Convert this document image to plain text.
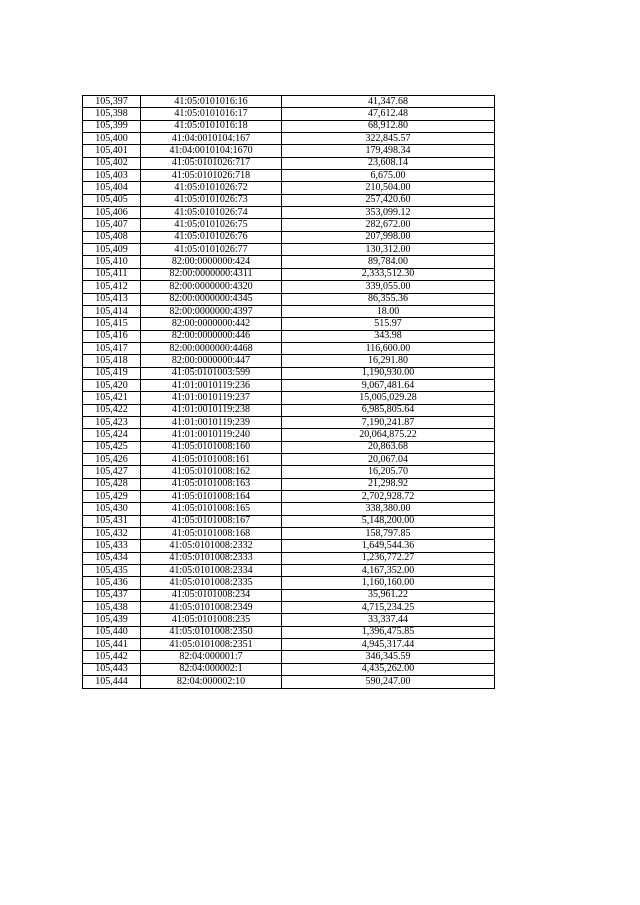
105,397	41:05:0101016:16	41,347.68
105,398	41:05:0101016:17	47,612.48
105,399	41:05:0101016:18	68,912.80
105,400	41:04:0010104:167	322,845.57
105,401	41:04:0010104:1670	179,498.34
105,402	41:05:0101026:717	23,608.14
105,403	41:05:0101026:718	6,675.00
105,404	41:05:0101026:72	210,504.00
105,405	41:05:0101026:73	257,420.60
105,406	41:05:0101026:74	353,099.12
105,407	41:05:0101026:75	282,672.00
105,408	41:05:0101026:76	207,998.00
105,409	41:05:0101026:77	130,312.00
105,410	82:00:0000000:424	89,784.00
105,411	82:00:0000000:4311	2,333,512.30
105,412	82:00:0000000:4320	339,055.00
105,413	82:00:0000000:4345	86,355.36
105,414	82:00:0000000:4397	18.00
105,415	82:00:0000000:442	515.97
105,416	82:00:0000000:446	343.98
105,417	82:00:0000000:4468	116,600.00
105,418	82:00:0000000:447	16,291.80
105,419	41:05:0101003:599	1,190,930.00
105,420	41:01:0010119:236	9,067,481.64
105,421	41:01:0010119:237	15,005,029.28
105,422	41:01:0010119:238	6,985,805.64
105,423	41:01:0010119:239	7,190,241.87
105,424	41:01:0010119:240	20,064,875.22
105,425	41:05:0101008:160	20,863.68
105,426	41:05:0101008:161	20,067.04
105,427	41:05:0101008:162	16,205.70
105,428	41:05:0101008:163	21,298.92
105,429	41:05:0101008:164	2,702,928.72
105,430	41:05:0101008:165	338,380.00
105,431	41:05:0101008:167	5,148,200.00
105,432	41:05:0101008:168	158,797.85
105,433	41:05:0101008:2332	1,649,544.36
105,434	41:05:0101008:2333	1,236,772.27
105,435	41:05:0101008:2334	4,167,352.00
105,436	41:05:0101008:2335	1,160,160.00
105,437	41:05:0101008:234	35,961.22
105,438	41:05:0101008:2349	4,715,234.25
105,439	41:05:0101008:235	33,337.44
105,440	41:05:0101008:2350	1,396,475.85
105,441	41:05:0101008:2351	4,945,317.44
105,442	82:04:000001:7	346,345.59
105,443	82:04:000002:1	4,435,262.00
105,444	82:04:000002:10	590,247.00
